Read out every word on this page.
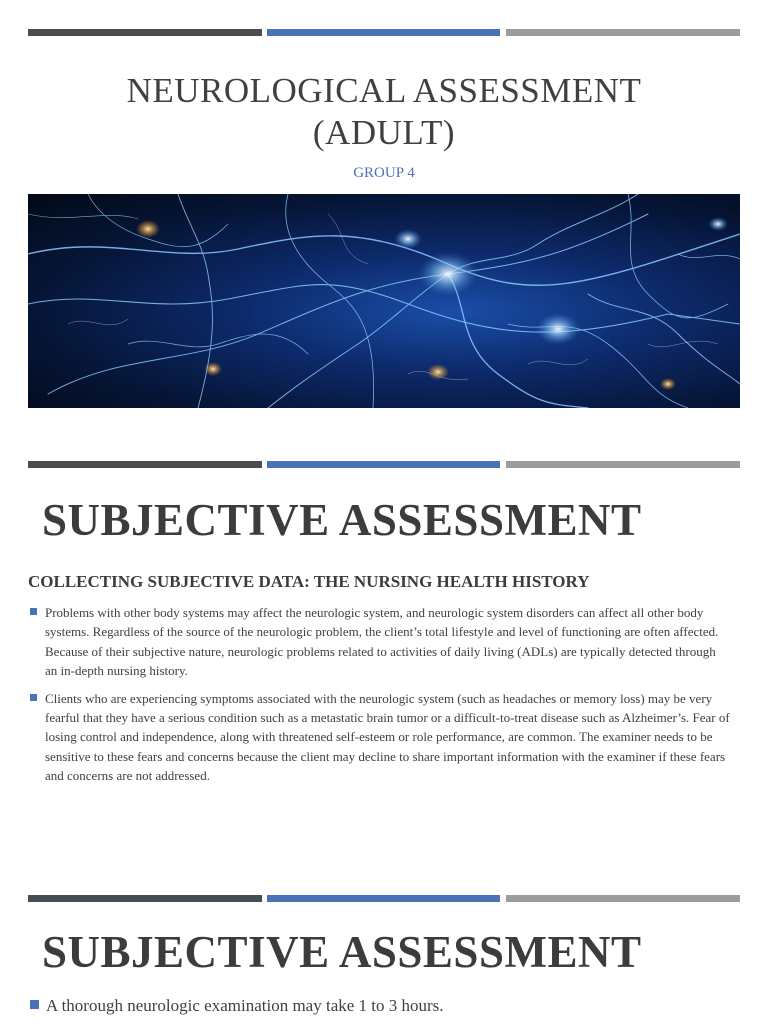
NEUROLOGICAL ASSESSMENT
(ADULT)
GROUP 4
SUBJECTIVE ASSESSMENT
COLLECTING SUBJECTIVE DATA: THE NURSING HEALTH HISTORY
Problems with other body systems may affect the neurologic system, and neurologic system disorders can affect all other body systems. Regardless of the source of the neurologic problem, the client’s total lifestyle and level of functioning are often affected. Because of their subjective nature, neurologic problems related to activities of daily living (ADLs) are typically detected through an in-depth nursing history.
Clients who are experiencing symptoms associated with the neurologic system (such as headaches or memory loss) may be very fearful that they have a serious condition such as a metastatic brain tumor or a difficult-to-treat disease such as Alzheimer’s. Fear of losing control and independence, along with threatened self-esteem or role performance, are common. The examiner needs to be sensitive to these fears and concerns because the client may decline to share important information with the examiner if these fears and concerns are not addressed.
SUBJECTIVE ASSESSMENT
A thorough neurologic examination may take 1 to 3 hours.
